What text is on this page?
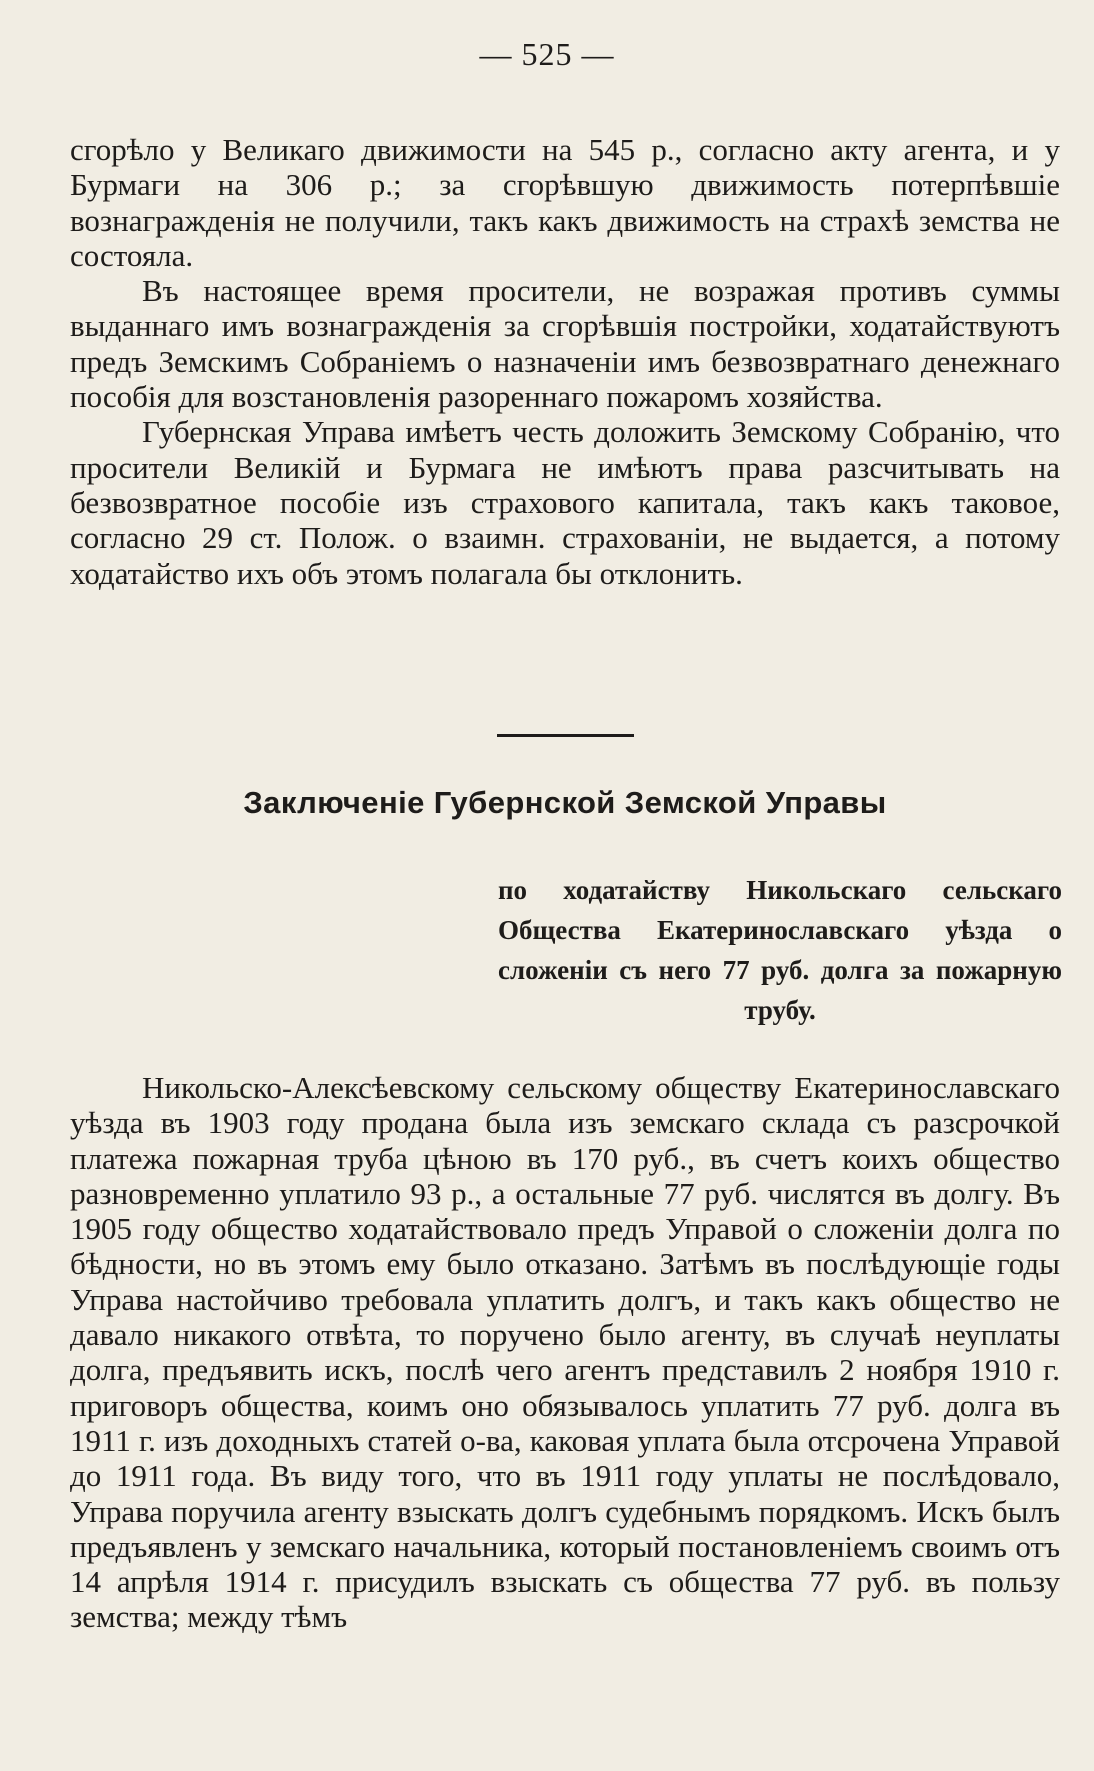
— 525 —

сгорѣло у Великаго движимости на 545 р., согласно акту агента, и у Бурмаги на 306 р.; за сгорѣвшую движимость потерпѣвшіе вознагражденія не получили, такъ какъ движимость на страхѣ земства не состояла.

Въ настоящее время просители, не возражая противъ суммы выданнаго имъ вознагражденія за сгорѣвшія постройки, ходатайствуютъ предъ Земскимъ Собраніемъ о назначеніи имъ безвозвратнаго денежнаго пособія для возстановленія разореннаго пожаромъ хозяйства.

Губернская Управа имѣетъ честь доложить Земскому Собранію, что просители Великій и Бурмага не имѣютъ права разсчитывать на безвозвратное пособіе изъ страхового капитала, такъ какъ таковое, согласно 29 ст. Полож. о взаимн. страхованіи, не выдается, а потому ходатайство ихъ объ этомъ полагала бы отклонить.

Заключеніе Губернской Земской Управы

по ходатайству Никольскаго сельскаго Общества Екатеринославскаго уѣзда о сложеніи съ него 77 руб. долга за пожарную трубу.

Никольско-Алексѣевскому сельскому обществу Екатеринославскаго уѣзда въ 1903 году продана была изъ земскаго склада съ разсрочкой платежа пожарная труба цѣною въ 170 руб., въ счетъ коихъ общество разновременно уплатило 93 р., а остальные 77 руб. числятся въ долгу. Въ 1905 году общество ходатайствовало предъ Управой о сложеніи долга по бѣдности, но въ этомъ ему было отказано. Затѣмъ въ послѣдующіе годы Управа настойчиво требовала уплатить долгъ, и такъ какъ общество не давало никакого отвѣта, то поручено было агенту, въ случаѣ неуплаты долга, предъявить искъ, послѣ чего агентъ представилъ 2 ноября 1910 г. приговоръ общества, коимъ оно обязывалось уплатить 77 руб. долга въ 1911 г. изъ доходныхъ статей о-ва, каковая уплата была отсрочена Управой до 1911 года. Въ виду того, что въ 1911 году уплаты не послѣдовало, Управа поручила агенту взыскать долгъ судебнымъ порядкомъ. Искъ былъ предъявленъ у земскаго начальника, который постановленіемъ своимъ отъ 14 апрѣля 1914 г. присудилъ взыскать съ общества 77 руб. въ пользу земства; между тѣмъ
